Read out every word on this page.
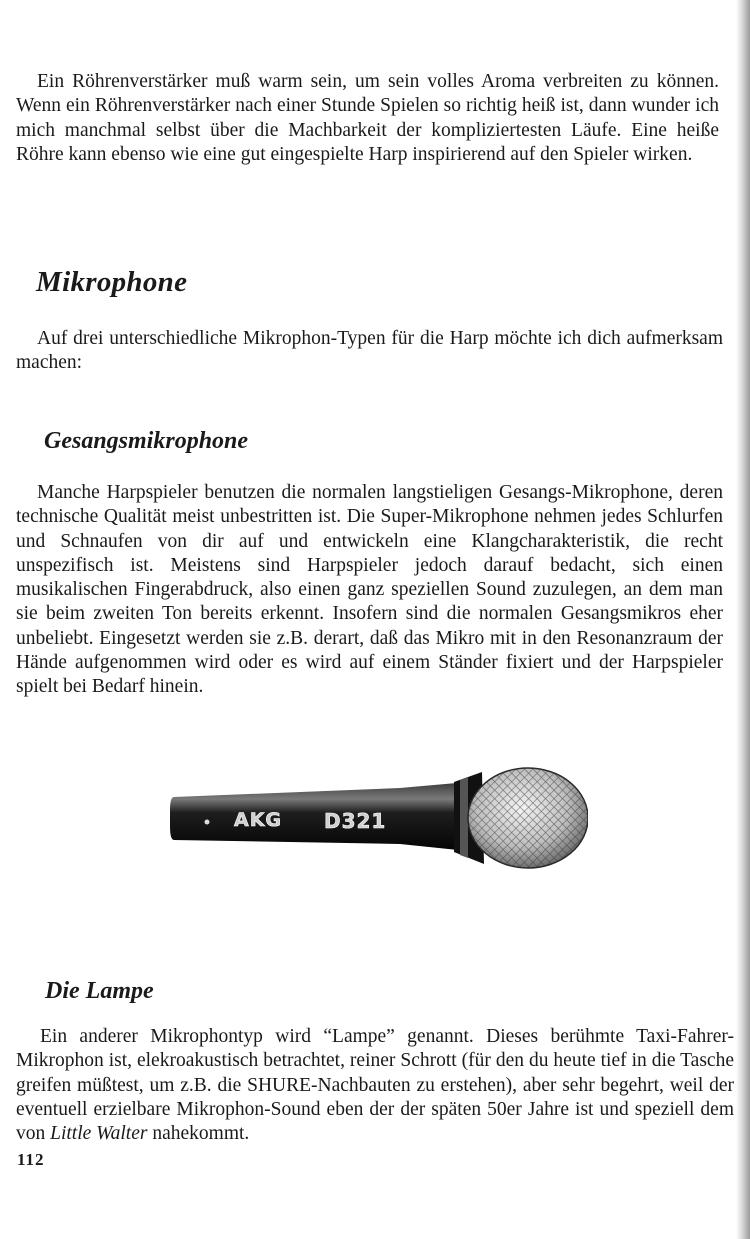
Ein Röhrenverstärker muß warm sein, um sein volles Aroma verbreiten zu können. Wenn ein Röhrenverstärker nach einer Stunde Spielen so richtig heiß ist, dann wunder ich mich manchmal selbst über die Machbarkeit der kompliziertesten Läufe. Eine heiße Röhre kann ebenso wie eine gut eingespielte Harp inspirierend auf den Spieler wirken.

Mikrophone

Auf drei unterschiedliche Mikrophon-Typen für die Harp möchte ich dich aufmerksam machen:

Gesangsmikrophone

Manche Harpspieler benutzen die normalen langstieligen Gesangs-Mikrophone, deren technische Qualität meist unbestritten ist. Die Super-Mikrophone nehmen jedes Schlurfen und Schnaufen von dir auf und entwickeln eine Klangcharakteristik, die recht unspezifisch ist. Meistens sind Harpspieler jedoch darauf bedacht, sich einen musikalischen Fingerabdruck, also einen ganz speziellen Sound zuzulegen, an dem man sie beim zweiten Ton bereits erkennt. Insofern sind die normalen Gesangsmikros eher unbeliebt. Eingesetzt werden sie z.B. derart, daß das Mikro mit in den Resonanzraum der Hände aufgenommen wird oder es wird auf einem Ständer fixiert und der Harpspieler spielt bei Bedarf hinein.

AKG D321
Die Lampe

Ein anderer Mikrophontyp wird “Lampe” genannt. Dieses berühmte Taxi-Fahrer-Mikrophon ist, elekroakustisch betrachtet, reiner Schrott (für den du heute tief in die Tasche greifen müßtest, um z.B. die SHURE-Nachbauten zu erstehen), aber sehr begehrt, weil der eventuell erzielbare Mikrophon-Sound eben der der späten 50er Jahre ist und speziell dem von Little Walter nahekommt.

112
